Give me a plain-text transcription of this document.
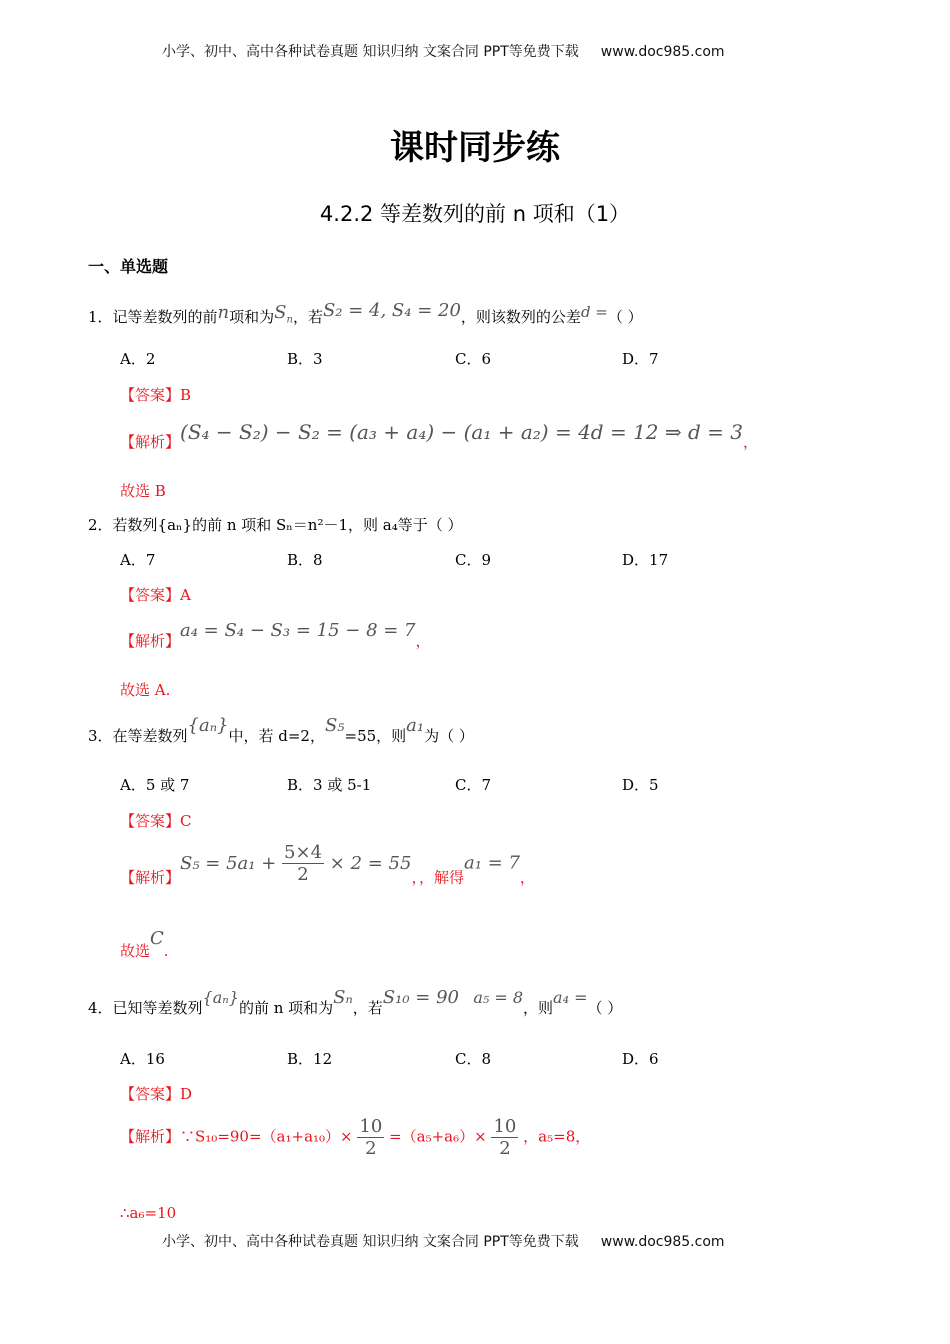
小学、初中、高中各种试卷真题 知识归纳 文案合同 PPT等免费下载 www.doc985.com
课时同步练
4.2.2 等差数列的前 n 项和（1）
一、单选题
1．记等差数列的前n项和为$S_n$，若S₂ = 4, S₄ = 20，则该数列的公差d =（ ）
A．2	B．3	C．6	D．7
【答案】B
【解析】(S₄ − S₂) − S₂ = (a₃ + a₄) − (a₁ + a₂) = 4d = 12 ⇒ d = 3，
故选 B
2．若数列{aₙ}的前 n 项和 Sₙ＝n²－1，则 a₄等于（ ）
A．7	B．8	C．9	D．17
【答案】A
【解析】a₄ = S₄ − S₃ = 15 − 8 = 7，
故选 A.
3．在等差数列{aₙ}中，若 d=2，S₅=55，则a₁为（ ）
A．5 或 7	B．3 或 5-1	C．7	D．5
【答案】C
【解析】$S_5 = 5a_1 + \frac{5\times 4}{2} \times 2 = 55$，，解得a₁ = 7，
故选C.
4．已知等差数列{aₙ}的前 n 项和为Sₙ，若S₁₀ = 90 a₅ = 8，则a₄ =（ ）
A．16	B．12	C．8	D．6
【答案】D
【解析】∵S₁₀=90=（a₁+a₁₀）× $\frac{10}{2} =(a_5+a_6)\times \frac{10}{2}$ ，a₅=8，
∴a₆=10
小学、初中、高中各种试卷真题 知识归纳 文案合同 PPT等免费下载 www.doc985.com
